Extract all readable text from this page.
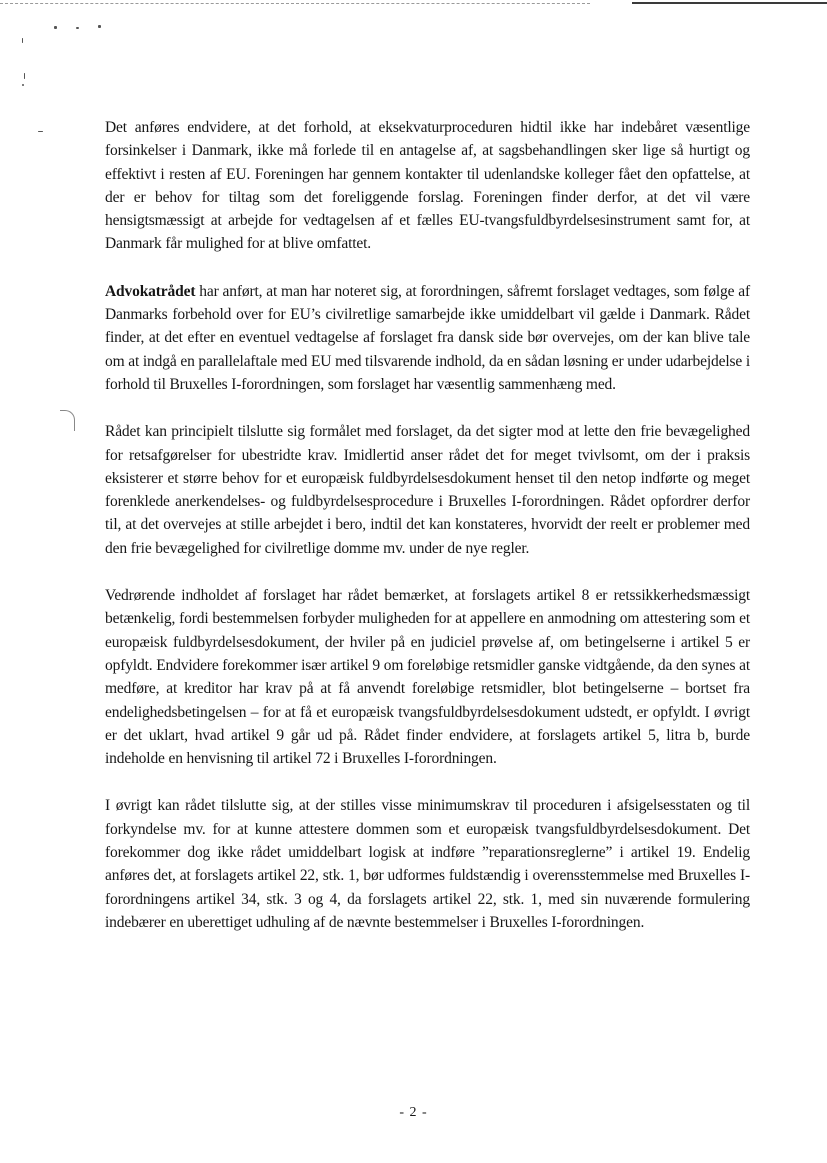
Det anføres endvidere, at det forhold, at eksekvaturproceduren hidtil ikke har indebåret væsentlige forsinkelser i Danmark, ikke må forlede til en antagelse af, at sagsbehandlingen sker lige så hurtigt og effektivt i resten af EU. Foreningen har gennem kontakter til udenlandske kolleger fået den opfattelse, at der er behov for tiltag som det foreliggende forslag. Foreningen finder derfor, at det vil være hensigtsmæssigt at arbejde for vedtagelsen af et fælles EU-tvangsfuldbyrdelsesinstrument samt for, at Danmark får mulighed for at blive omfattet.

Advokatrådet har anført, at man har noteret sig, at forordningen, såfremt forslaget vedtages, som følge af Danmarks forbehold over for EU’s civilretlige samarbejde ikke umiddelbart vil gælde i Danmark. Rådet finder, at det efter en eventuel vedtagelse af forslaget fra dansk side bør overvejes, om der kan blive tale om at indgå en parallelaftale med EU med tilsvarende indhold, da en sådan løsning er under udarbejdelse i forhold til Bruxelles I-forordningen, som forslaget har væsentlig sammenhæng med.

Rådet kan principielt tilslutte sig formålet med forslaget, da det sigter mod at lette den frie bevægelighed for retsafgørelser for ubestridte krav. Imidlertid anser rådet det for meget tvivlsomt, om der i praksis eksisterer et større behov for et europæisk fuldbyrdelsesdokument henset til den netop indførte og meget forenklede anerkendelses- og fuldbyrdelsesprocedure i Bruxelles I-forordningen. Rådet opfordrer derfor til, at det overvejes at stille arbejdet i bero, indtil det kan konstateres, hvorvidt der reelt er problemer med den frie bevægelighed for civilretlige domme mv. under de nye regler.

Vedrørende indholdet af forslaget har rådet bemærket, at forslagets artikel 8 er retssikkerhedsmæssigt betænkelig, fordi bestemmelsen forbyder muligheden for at appellere en anmodning om attestering som et europæisk fuldbyrdelsesdokument, der hviler på en judiciel prøvelse af, om betingelserne i artikel 5 er opfyldt. Endvidere forekommer især artikel 9 om foreløbige retsmidler ganske vidtgående, da den synes at medføre, at kreditor har krav på at få anvendt foreløbige retsmidler, blot betingelserne – bortset fra endelighedsbetingelsen – for at få et europæisk tvangsfuldbyrdelsesdokument udstedt, er opfyldt. I øvrigt er det uklart, hvad artikel 9 går ud på. Rådet finder endvidere, at forslagets artikel 5, litra b, burde indeholde en henvisning til artikel 72 i Bruxelles I-forordningen.

I øvrigt kan rådet tilslutte sig, at der stilles visse minimumskrav til proceduren i afsigelsesstaten og til forkyndelse mv. for at kunne attestere dommen som et europæisk tvangsfuldbyrdelsesdokument. Det forekommer dog ikke rådet umiddelbart logisk at indføre ”reparationsreglerne” i artikel 19. Endelig anføres det, at forslagets artikel 22, stk. 1, bør udformes fuldstændig i overensstemmelse med Bruxelles I-forordningens artikel 34, stk. 3 og 4, da forslagets artikel 22, stk. 1, med sin nuværende formulering indebærer en uberettiget udhuling af de nævnte bestemmelser i Bruxelles I-forordningen.

- 2 -
